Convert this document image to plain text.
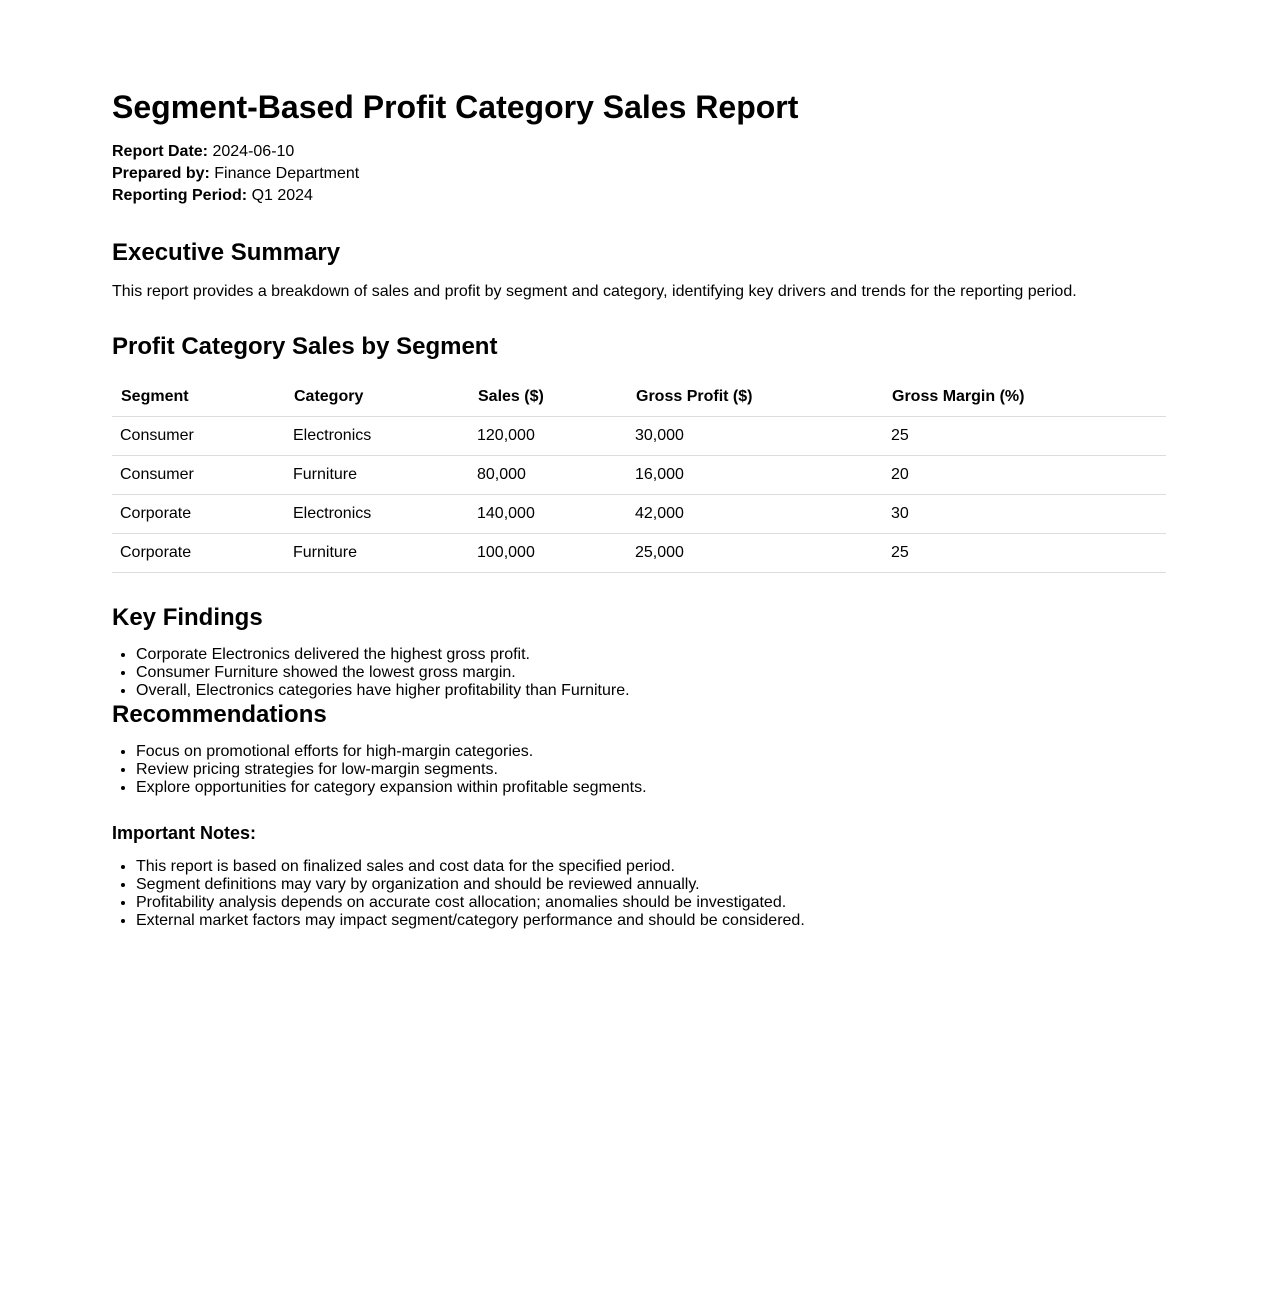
Segment-Based Profit Category Sales Report

Report Date: 2024-06-10

Prepared by: Finance Department

Reporting Period: Q1 2024

Executive Summary

This report provides a breakdown of sales and profit by segment and category, identifying key drivers and trends for the reporting period.

Profit Category Sales by Segment
Segment	Category	Sales ($)	Gross Profit ($)	Gross Margin (%)
Consumer	Electronics	120,000	30,000	25
Consumer	Furniture	80,000	16,000	20
Corporate	Electronics	140,000	42,000	30
Corporate	Furniture	100,000	25,000	25
Key Findings
• Corporate Electronics delivered the highest gross profit.
• Consumer Furniture showed the lowest gross margin.
• Overall, Electronics categories have higher profitability than Furniture.
Recommendations
• Focus on promotional efforts for high-margin categories.
• Review pricing strategies for low-margin segments.
• Explore opportunities for category expansion within profitable segments.
Important Notes:
• This report is based on finalized sales and cost data for the specified period.
• Segment definitions may vary by organization and should be reviewed annually.
• Profitability analysis depends on accurate cost allocation; anomalies should be investigated.
• External market factors may impact segment/category performance and should be considered.
